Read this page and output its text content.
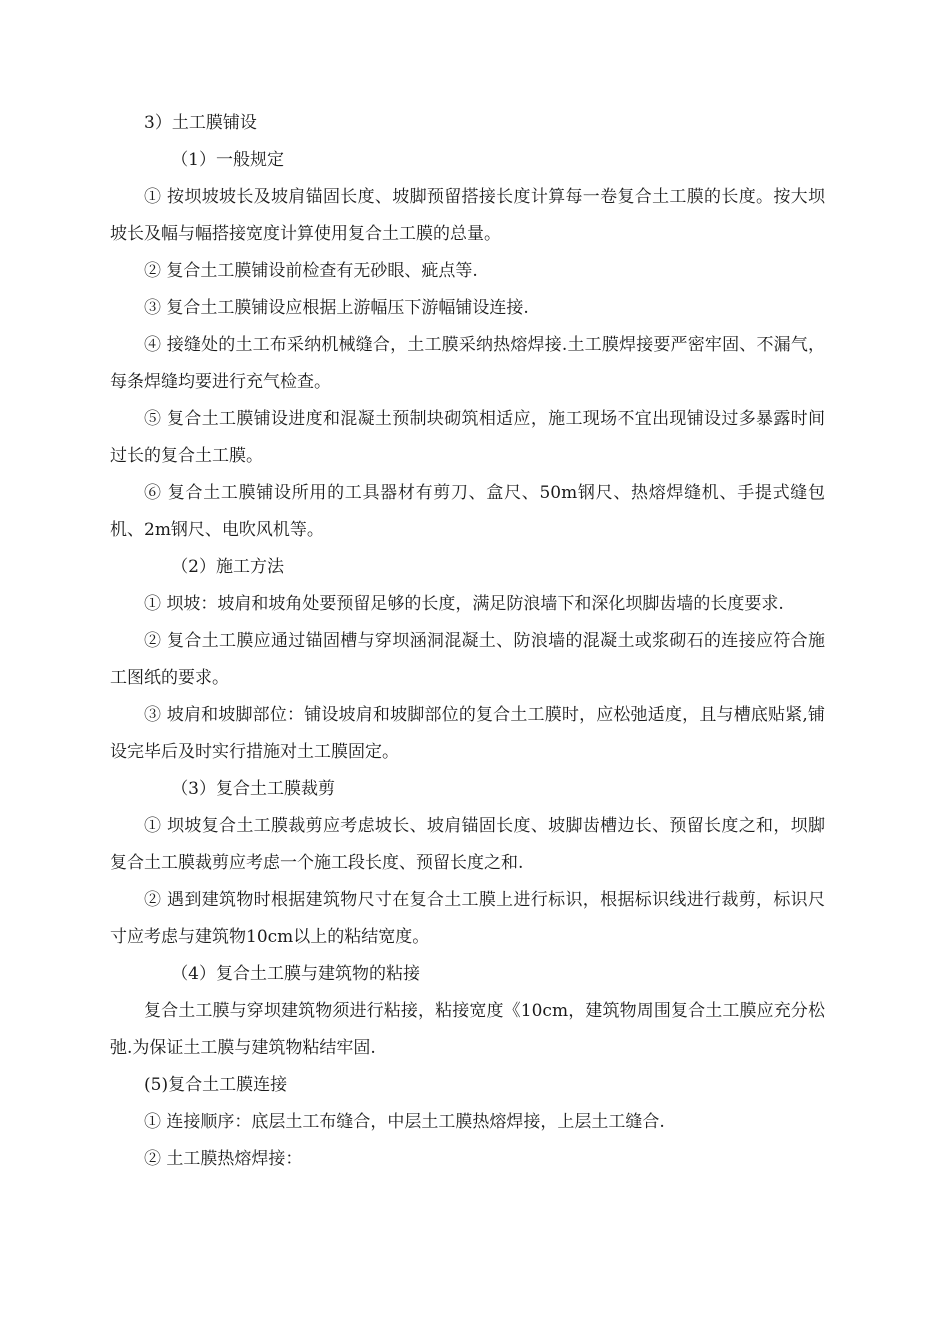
3）土工膜铺设

（1）一般规定

① 按坝坡坡长及坡肩锚固长度、坡脚预留搭接长度计算每一卷复合土工膜的长度。按大坝坡长及幅与幅搭接宽度计算使用复合土工膜的总量。

② 复合土工膜铺设前检查有无砂眼、疵点等.

③ 复合土工膜铺设应根据上游幅压下游幅铺设连接.

④ 接缝处的土工布采纳机械缝合，土工膜采纳热熔焊接.土工膜焊接要严密牢固、不漏气，每条焊缝均要进行充气检查。

⑤ 复合土工膜铺设进度和混凝土预制块砌筑相适应，施工现场不宜出现铺设过多暴露时间过长的复合土工膜。

⑥ 复合土工膜铺设所用的工具器材有剪刀、盒尺、50m钢尺、热熔焊缝机、手提式缝包机、2m钢尺、电吹风机等。

（2）施工方法

① 坝坡：坡肩和坡角处要预留足够的长度，满足防浪墙下和深化坝脚齿墙的长度要求.

② 复合土工膜应通过锚固槽与穿坝涵洞混凝土、防浪墙的混凝土或浆砌石的连接应符合施工图纸的要求。

③ 坡肩和坡脚部位：铺设坡肩和坡脚部位的复合土工膜时，应松弛适度，且与槽底贴紧,铺设完毕后及时实行措施对土工膜固定。

（3）复合土工膜裁剪

① 坝坡复合土工膜裁剪应考虑坡长、坡肩锚固长度、坡脚齿槽边长、预留长度之和，坝脚复合土工膜裁剪应考虑一个施工段长度、预留长度之和.

② 遇到建筑物时根据建筑物尺寸在复合土工膜上进行标识，根据标识线进行裁剪，标识尺寸应考虑与建筑物10cm以上的粘结宽度。

（4）复合土工膜与建筑物的粘接

复合土工膜与穿坝建筑物须进行粘接，粘接宽度《10cm，建筑物周围复合土工膜应充分松弛.为保证土工膜与建筑物粘结牢固.

(5)复合土工膜连接

① 连接顺序：底层土工布缝合，中层土工膜热熔焊接，上层土工缝合.

② 土工膜热熔焊接：
